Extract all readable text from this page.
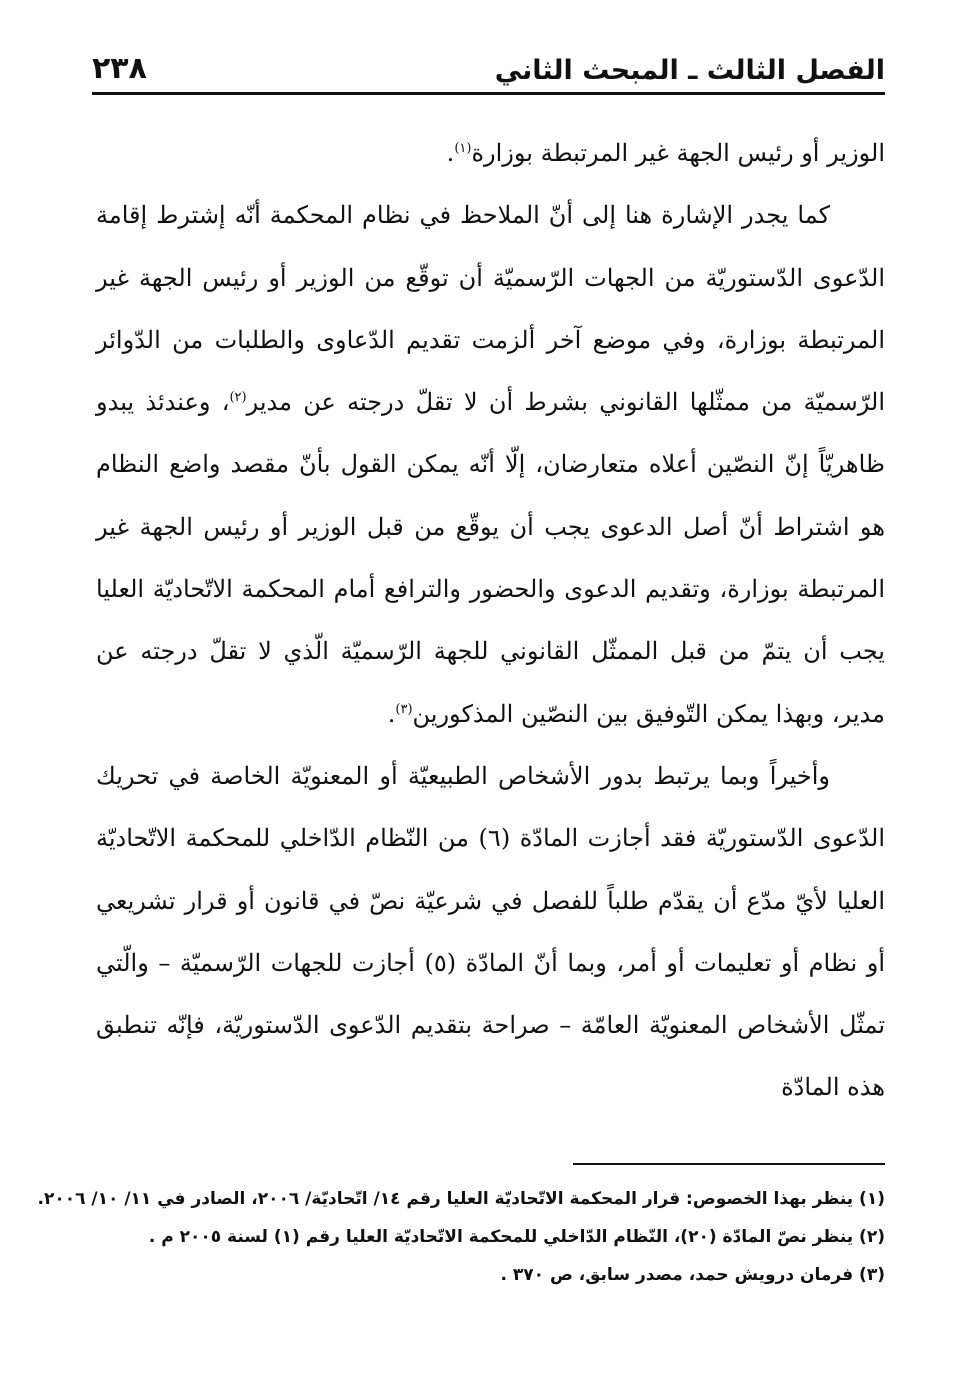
٢٣٨	الفصل الثالث ـ المبحث الثاني

الوزير أو رئيس الجهة غير المرتبطة بوزارة$^{(١)}$.

كما يجدر الإشارة هنا إلى أنّ الملاحظ في نظام المحكمة أنّه إشترط إقامة الدّعوى الدّستوريّة من الجهات الرّسميّة أن توقّع من الوزير أو رئيس الجهة غير المرتبطة بوزارة، وفي موضع آخر ألزمت تقديم الدّعاوى والطلبات من الدّوائر الرّسميّة من ممثّلها القانوني بشرط أن لا تقلّ درجته عن مدير$^{(٢)}$، وعندئذ يبدو ظاهريّاً إنّ النصّين أعلاه متعارضان، إلّا أنّه يمكن القول بأنّ مقصد واضع النظام هو اشتراط أنّ أصل الدعوى يجب أن يوقّع من قبل الوزير أو رئيس الجهة غير المرتبطة بوزارة، وتقديم الدعوى والحضور والترافع أمام المحكمة الاتّحاديّة العليا يجب أن يتمّ من قبل الممثّل القانوني للجهة الرّسميّة الّذي لا تقلّ درجته عن مدير، وبهذا يمكن التّوفيق بين النصّين المذكورين$^{(٣)}$.

وأخيراً وبما يرتبط بدور الأشخاص الطبيعيّة أو المعنويّة الخاصة في تحريك الدّعوى الدّستوريّة فقد أجازت المادّة (٦) من النّظام الدّاخلي للمحكمة الاتّحاديّة العليا لأيّ مدّع أن يقدّم طلباً للفصل في شرعيّة نصّ في قانون أو قرار تشريعي أو نظام أو تعليمات أو أمر، وبما أنّ المادّة (٥) أجازت للجهات الرّسميّة – والّتي تمثّل الأشخاص المعنويّة العامّة – صراحة بتقديم الدّعوى الدّستوريّة، فإنّه تنطبق هذه المادّة

(١) ينظر بهذا الخصوص: قرار المحكمة الاتّحاديّة العليا رقم ١٤/ اتّحاديّة/ ٢٠٠٦، الصادر في ١١/ ١٠/ ٢٠٠٦.

(٢) ينظر نصّ المادّة (٢٠)، النّظام الدّاخلي للمحكمة الاتّحاديّة العليا رقم (١) لسنة ٢٠٠٥ م .

(٣) فرمان درويش حمد، مصدر سابق، ص ٣٧٠ .
